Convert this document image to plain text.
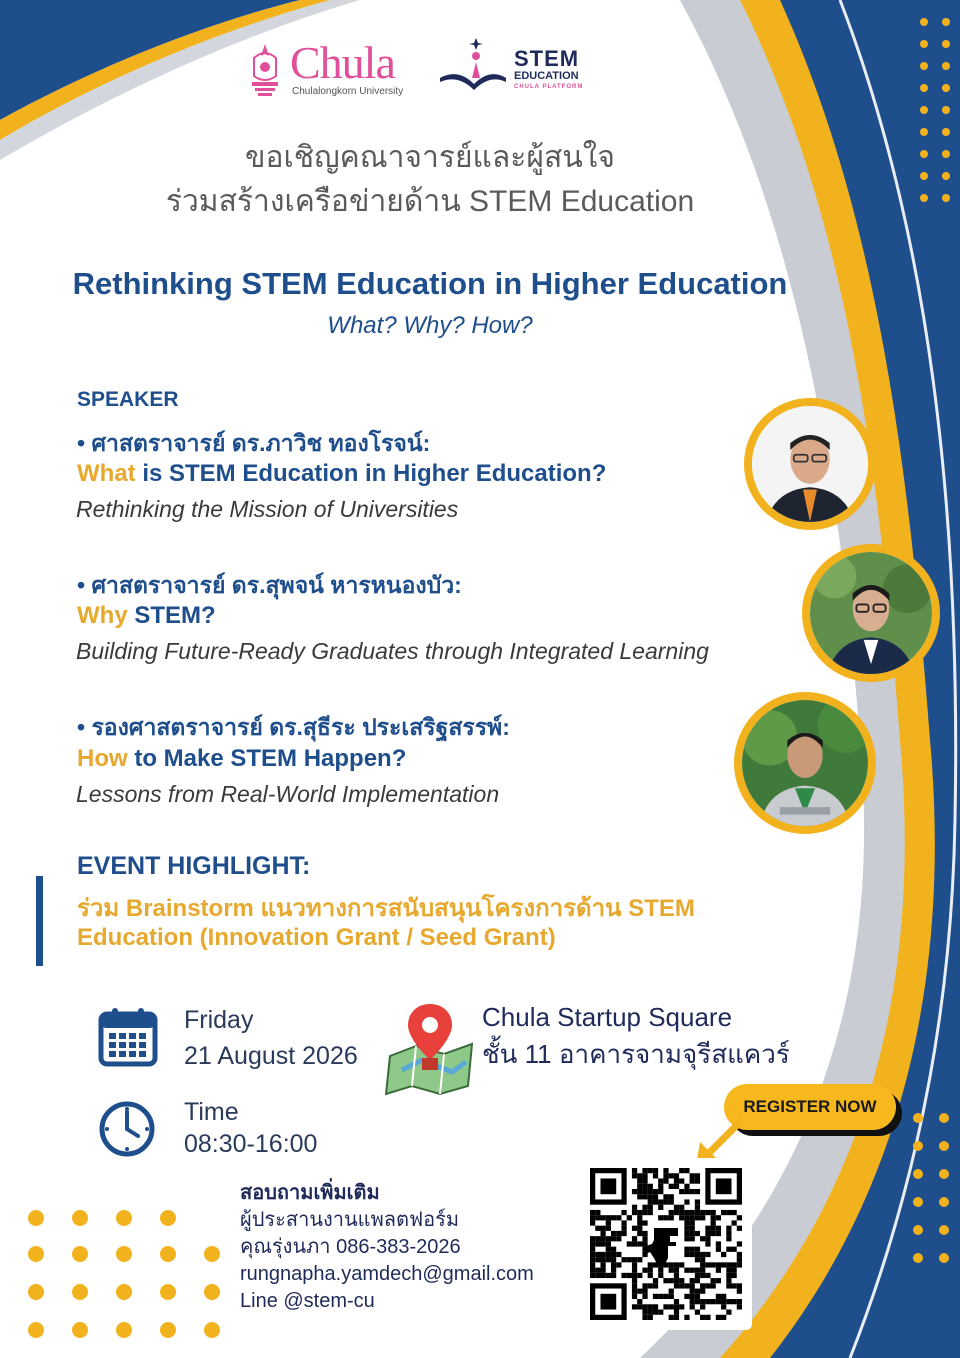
Chula
Chulalongkorn University
STEM
EDUCATION
CHULA PLATFORM
ขอเชิญคณาจารย์และผู้สนใจ
ร่วมสร้างเครือข่ายด้าน STEM Education
Rethinking STEM Education in Higher Education
What? Why? How?
SPEAKER
• ศาสตราจารย์ ดร.ภาวิช ทองโรจน์:
What is STEM Education in Higher Education?
Rethinking the Mission of Universities
• ศาสตราจารย์ ดร.สุพจน์ หารหนองบัว:
Why STEM?
Building Future-Ready Graduates through Integrated Learning
• รองศาสตราจารย์ ดร.สุธีระ ประเสริฐสรรพ์:
How to Make STEM Happen?
Lessons from Real-World Implementation
EVENT HIGHLIGHT:
ร่วม Brainstorm แนวทางการสนับสนุนโครงการด้าน STEM
Education (Innovation Grant / Seed Grant)
Friday
21 August 2026
Time
08:30-16:00
Chula Startup Square
ชั้น 11 อาคารจามจุรีสแควร์
REGISTER NOW
สอบถามเพิ่มเติม
ผู้ประสานงานแพลตฟอร์ม
คุณรุ่งนภา 086-383-2026
rungnapha.yamdech@gmail.com
Line @stem-cu
